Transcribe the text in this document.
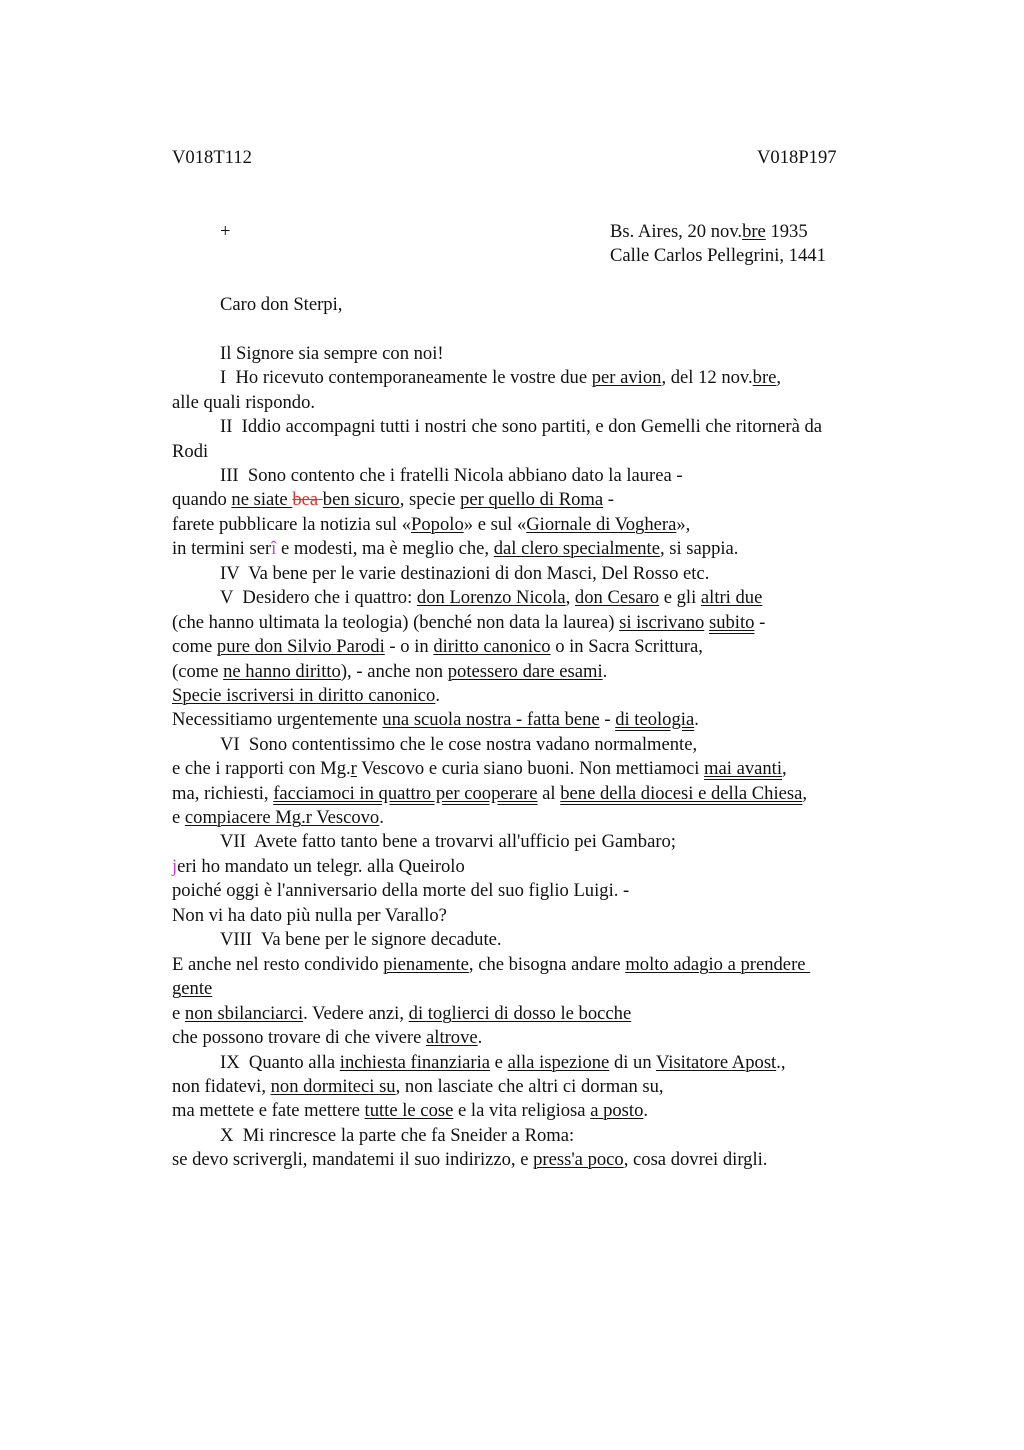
V018T112	V018P197
+	Bs. Aires, 20 nov.bre 1935
Calle Carlos Pellegrini, 1441
Caro don Sterpi,
Il Signore sia sempre con noi!
I  Ho ricevuto contemporaneamente le vostre due per avion, del 12 nov.bre,
alle quali rispondo.
II  Iddio accompagni tutti i nostri che sono partiti, e don Gemelli che ritornerà da
Rodi
III  Sono contento che i fratelli Nicola abbiano dato la laurea -
quando ne siate bea ben sicuro, specie per quello di Roma -
farete pubblicare la notizia sul «Popolo» e sul «Giornale di Voghera»,
in termini serî e modesti, ma è meglio che, dal clero specialmente, si sappia.
IV  Va bene per le varie destinazioni di don Masci, Del Rosso etc.
V  Desidero che i quattro: don Lorenzo Nicola, don Cesaro e gli altri due
(che hanno ultimata la teologia) (benché non data la laurea) si iscrivano subito -
come pure don Silvio Parodi - o in diritto canonico o in Sacra Scrittura,
(come ne hanno diritto), - anche non potessero dare esami.
Specie iscriversi in diritto canonico.
Necessitiamo urgentemente una scuola nostra - fatta bene - di teologia.
VI  Sono contentissimo che le cose nostra vadano normalmente,
e che i rapporti con Mg.r Vescovo e curia siano buoni. Non mettiamoci mai avanti,
ma, richiesti, facciamoci in quattro per cooperare al bene della diocesi e della Chiesa,
e compiacere Mg.r Vescovo.
VII  Avete fatto tanto bene a trovarvi all'ufficio pei Gambaro;
jeri ho mandato un telegr. alla Queirolo
poiché oggi è l'anniversario della morte del suo figlio Luigi. -
Non vi ha dato più nulla per Varallo?
VIII  Va bene per le signore decadute.
E anche nel resto condivido pienamente, che bisogna andare molto adagio a prendere
gente
e non sbilanciarci. Vedere anzi, di toglierci di dosso le bocche
che possono trovare di che vivere altrove.
IX  Quanto alla inchiesta finanziaria e alla ispezione di un Visitatore Apost.,
non fidatevi, non dormiteci su, non lasciate che altri ci dorman su,
ma mettete e fate mettere tutte le cose e la vita religiosa a posto.
X  Mi rincresce la parte che fa Sneider a Roma:
se devo scrivergli, mandatemi il suo indirizzo, e press'a poco, cosa dovrei dirgli.
